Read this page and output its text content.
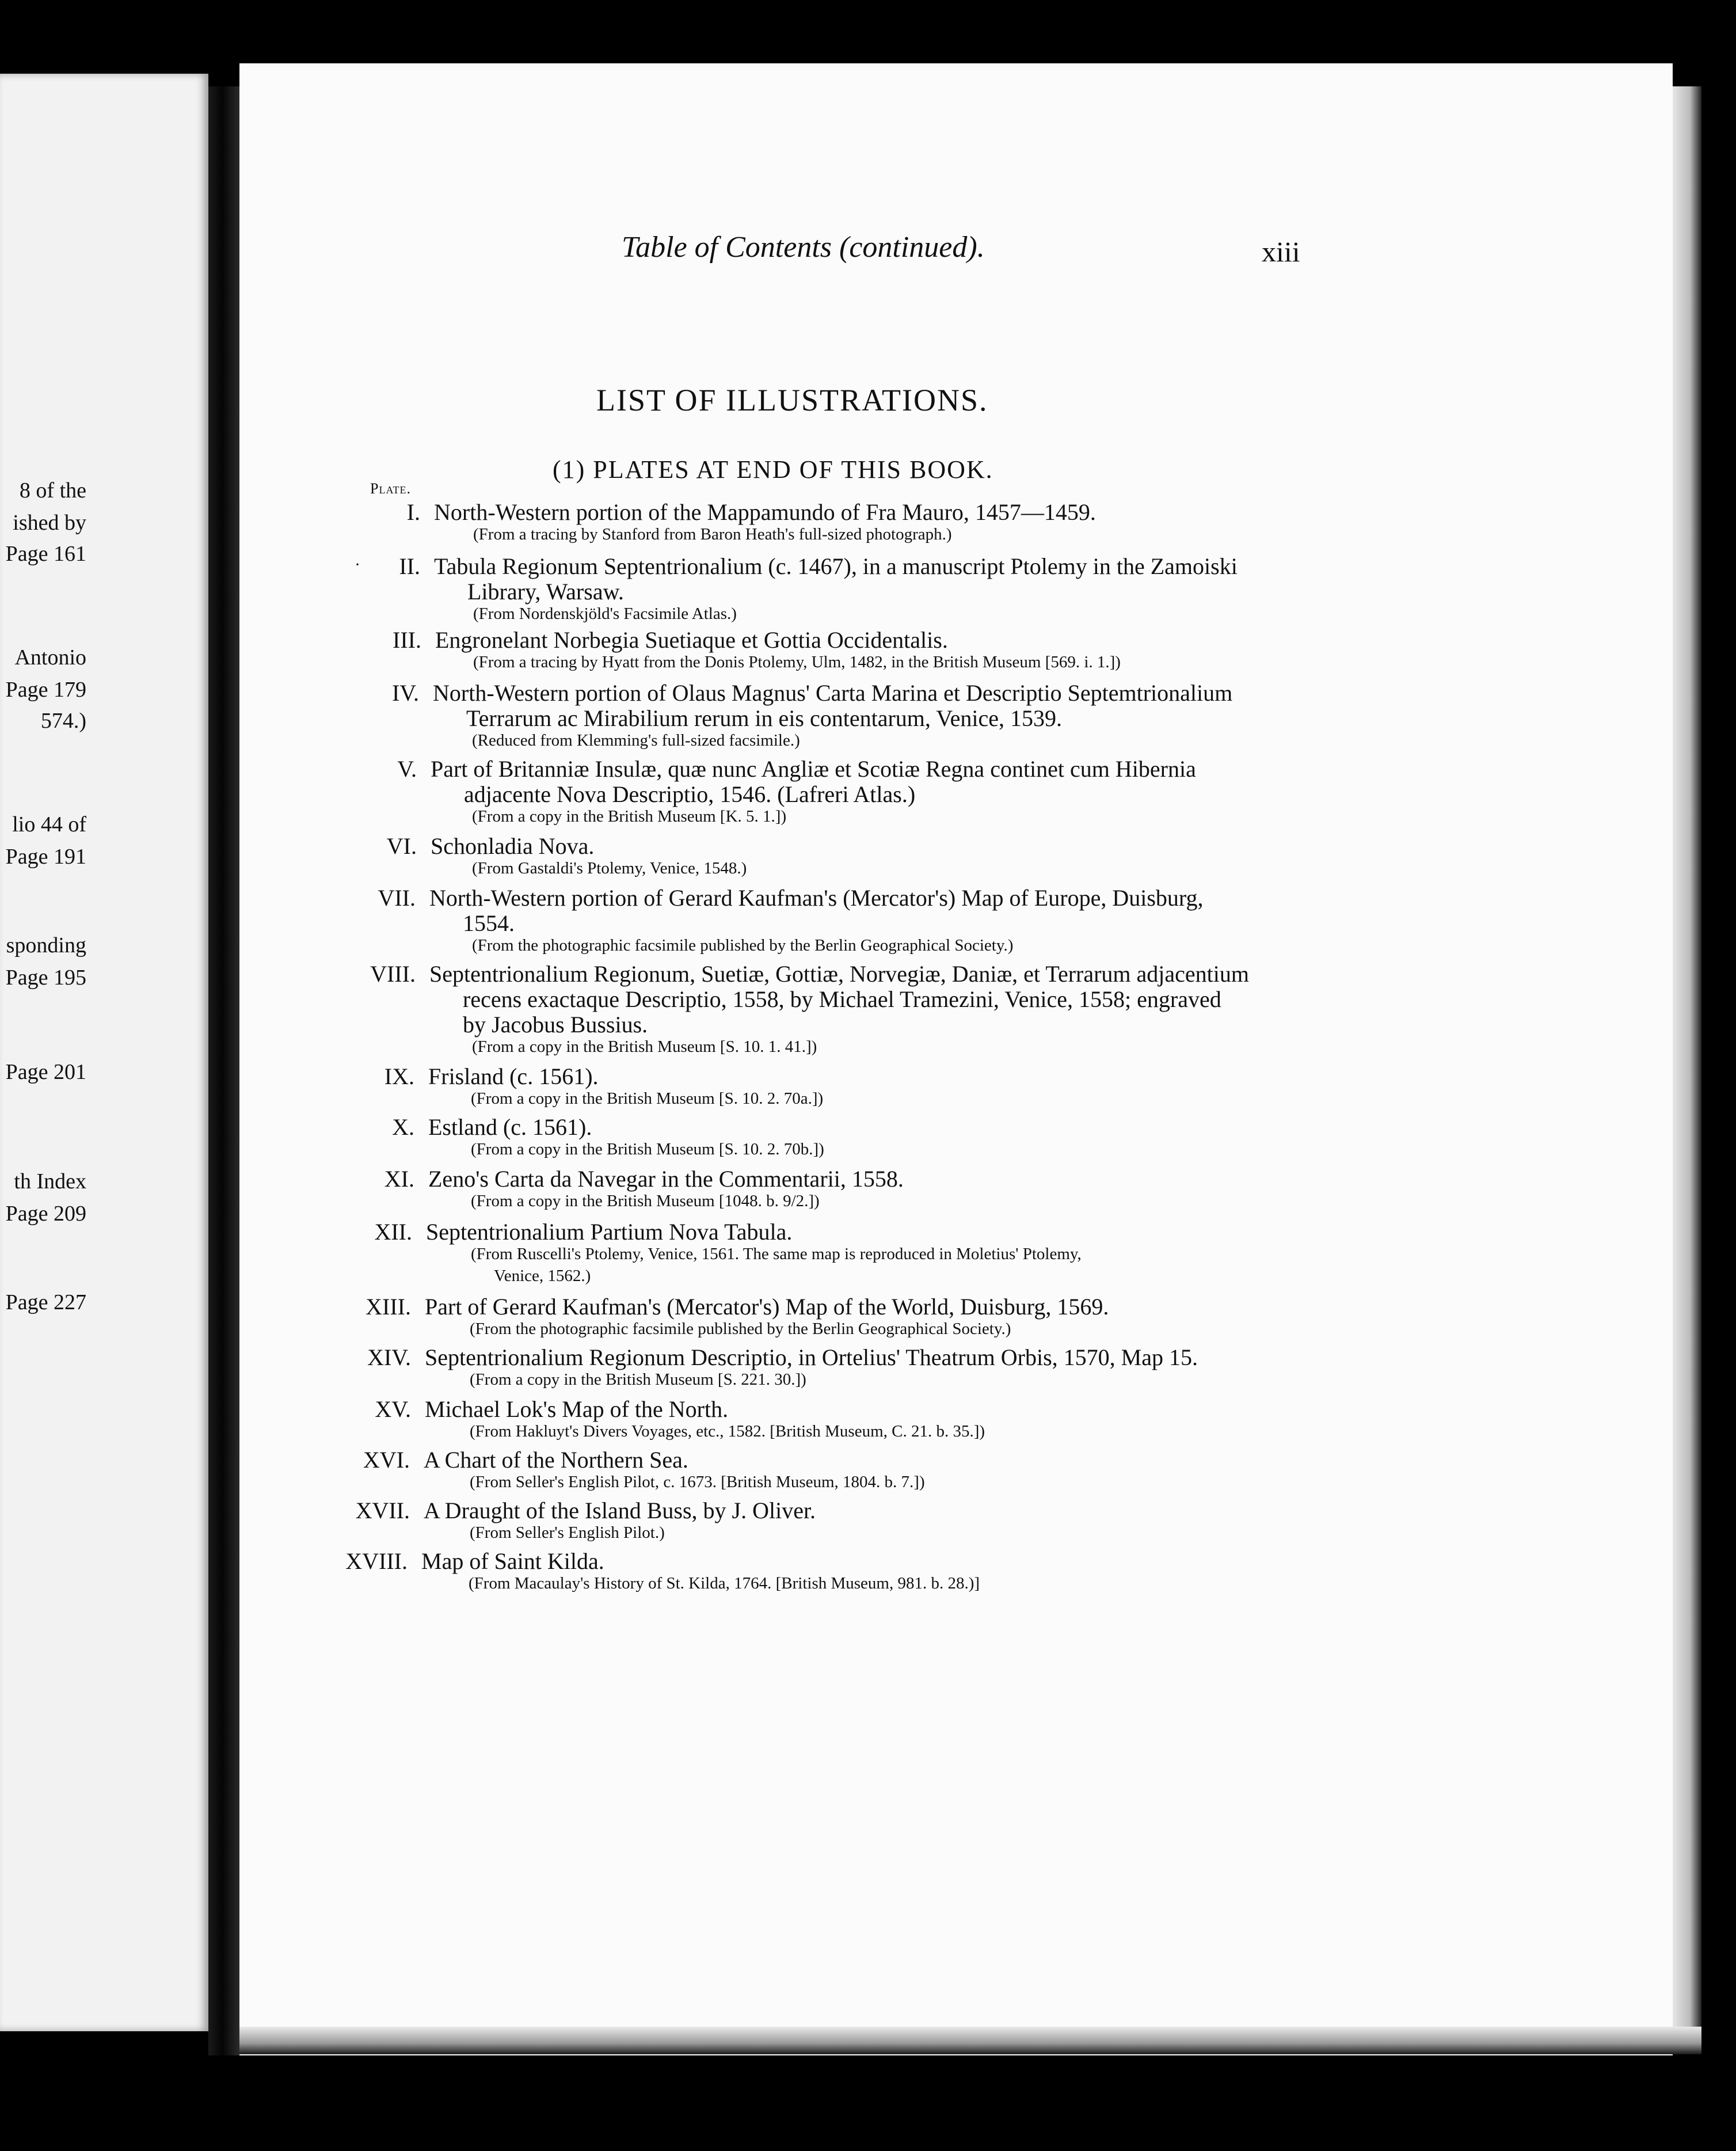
8 of the
ished by
Page 161
Antonio
Page 179
574.)
lio 44 of
Page 191
sponding
Page 195
Page 201
th Index
Page 209
Page 227
Table of Contents (continued).	xiii
LIST OF ILLUSTRATIONS.
(1) PLATES AT END OF THIS BOOK.
Plate.
I. North-Western portion of the Mappamundo of Fra Mauro, 1457—1459.
(From a tracing by Stanford from Baron Heath's full-sized photograph.)
II.
·	Tabula Regionum Septentrionalium (c. 1467), in a manuscript Ptolemy in the Zamoiski
Library, Warsaw.
(From Nordenskjöld's Facsimile Atlas.)
III. Engronelant Norbegia Suetiaque et Gottia Occidentalis.
(From a tracing by Hyatt from the Donis Ptolemy, Ulm, 1482, in the British Museum [569. i. 1.])
IV. North-Western portion of Olaus Magnus' Carta Marina et Descriptio Septemtrionalium
Terrarum ac Mirabilium rerum in eis contentarum, Venice, 1539.
(Reduced from Klemming's full-sized facsimile.)
V. Part of Britanniæ Insulæ, quæ nunc Angliæ et Scotiæ Regna continet cum Hibernia
adjacente Nova Descriptio, 1546. (Lafreri Atlas.)
(From a copy in the British Museum [K. 5. 1.])
VI. Schonladia Nova.
(From Gastaldi's Ptolemy, Venice, 1548.)
VII. North-Western portion of Gerard Kaufman's (Mercator's) Map of Europe, Duisburg,
1554.
(From the photographic facsimile published by the Berlin Geographical Society.)
VIII. Septentrionalium Regionum, Suetiæ, Gottiæ, Norvegiæ, Daniæ, et Terrarum adjacentium
recens exactaque Descriptio, 1558, by Michael Tramezini, Venice, 1558; engraved
by Jacobus Bussius.
(From a copy in the British Museum [S. 10. 1. 41.])
IX. Frisland (c. 1561).
(From a copy in the British Museum [S. 10. 2. 70a.])
X. Estland (c. 1561).
(From a copy in the British Museum [S. 10. 2. 70b.])
XI. Zeno's Carta da Navegar in the Commentarii, 1558.
(From a copy in the British Museum [1048. b. 9/2.])
XII. Septentrionalium Partium Nova Tabula.
(From Ruscelli's Ptolemy, Venice, 1561. The same map is reproduced in Moletius' Ptolemy,
Venice, 1562.)
XIII. Part of Gerard Kaufman's (Mercator's) Map of the World, Duisburg, 1569.
(From the photographic facsimile published by the Berlin Geographical Society.)
XIV. Septentrionalium Regionum Descriptio, in Ortelius' Theatrum Orbis, 1570, Map 15.
(From a copy in the British Museum [S. 221. 30.])
XV. Michael Lok's Map of the North.
(From Hakluyt's Divers Voyages, etc., 1582. [British Museum, C. 21. b. 35.])
XVI. A Chart of the Northern Sea.
(From Seller's English Pilot, c. 1673. [British Museum, 1804. b. 7.])
XVII. A Draught of the Island Buss, by J. Oliver.
(From Seller's English Pilot.)
XVIII. Map of Saint Kilda.
(From Macaulay's History of St. Kilda, 1764. [British Museum, 981. b. 28.)]
